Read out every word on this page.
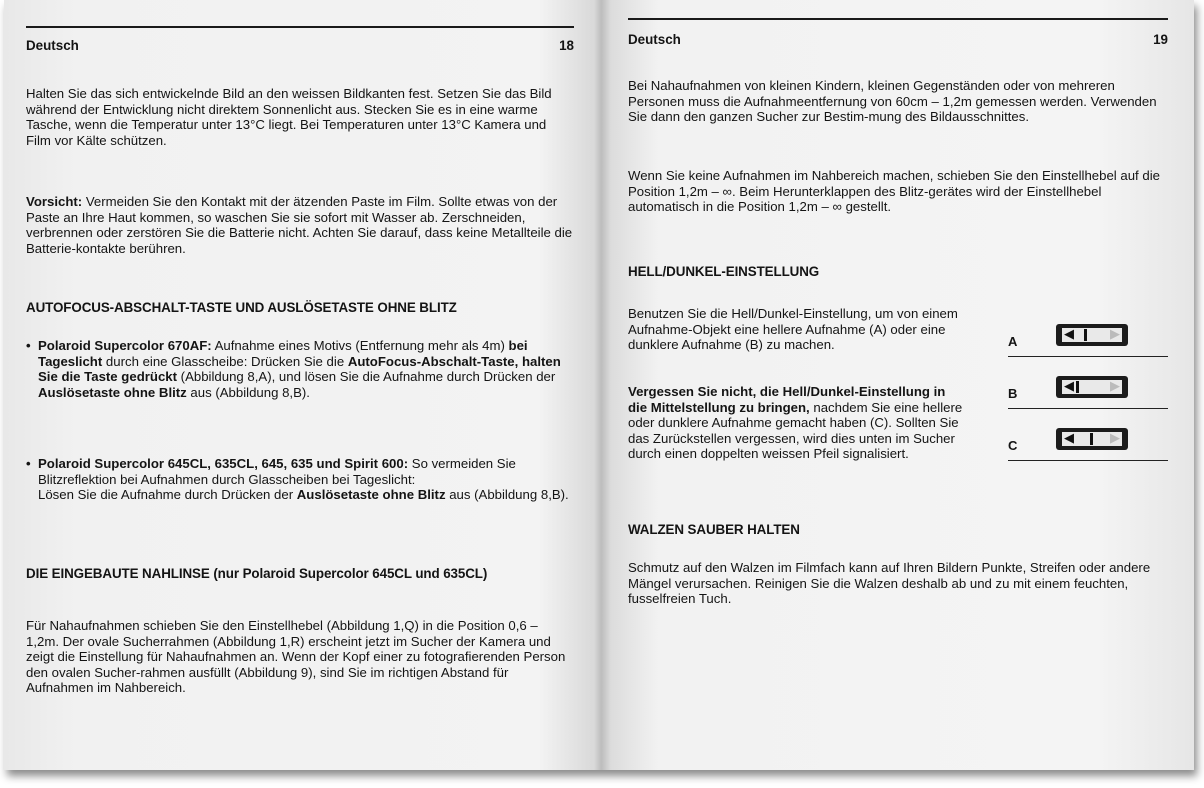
Deutsch	18

Halten Sie das sich entwickelnde Bild an den weissen Bildkanten fest. Setzen Sie das Bild während der Entwicklung nicht direktem Sonnenlicht aus. Stecken Sie es in eine warme Tasche, wenn die Temperatur unter 13°C liegt. Bei Temperaturen unter 13°C Kamera und Film vor Kälte schützen.

Vorsicht: Vermeiden Sie den Kontakt mit der ätzenden Paste im Film. Sollte etwas von der Paste an Ihre Haut kommen, so waschen Sie sie sofort mit Wasser ab. Zerschneiden, verbrennen oder zerstören Sie die Batterie nicht. Achten Sie darauf, dass keine Metallteile die Batterie-kontakte berühren.

AUTOFOCUS-ABSCHALT-TASTE UND AUSLÖSETASTE OHNE BLITZ
• Polaroid Supercolor 670AF: Aufnahme eines Motivs (Entfernung mehr als 4m) bei Tageslicht durch eine Glasscheibe: Drücken Sie die AutoFocus-Abschalt-Taste, halten Sie die Taste gedrückt (Abbildung 8,A), und lösen Sie die Aufnahme durch Drücken der Auslösetaste ohne Blitz aus (Abbildung 8,B).

• Polaroid Supercolor 645CL, 635CL, 645, 635 und Spirit 600: So vermeiden Sie Blitzreflektion bei Aufnahmen durch Glasscheiben bei Tageslicht:

Lösen Sie die Aufnahme durch Drücken der Auslösetaste ohne Blitz aus (Abbildung 8,B).

DIE EINGEBAUTE NAHLINSE (nur Polaroid Supercolor 645CL und 635CL)

Für Nahaufnahmen schieben Sie den Einstellhebel (Abbildung 1,Q) in die Position 0,6 – 1,2m. Der ovale Sucherrahmen (Abbildung 1,R) erscheint jetzt im Sucher der Kamera und zeigt die Einstellung für Nahaufnahmen an. Wenn der Kopf einer zu fotografierenden Person den ovalen Sucher-rahmen ausfüllt (Abbildung 9), sind Sie im richtigen Abstand für Aufnahmen im Nahbereich.

Deutsch	19

Bei Nahaufnahmen von kleinen Kindern, kleinen Gegenständen oder von mehreren Personen muss die Aufnahmeentfernung von 60cm – 1,2m gemessen werden. Verwenden Sie dann den ganzen Sucher zur Bestim-mung des Bildausschnittes.

Wenn Sie keine Aufnahmen im Nahbereich machen, schieben Sie den Einstellhebel auf die Position 1,2m – ∞. Beim Herunterklappen des Blitz-gerätes wird der Einstellhebel automatisch in die Position 1,2m – ∞ gestellt.

HELL/DUNKEL-EINSTELLUNG

Benutzen Sie die Hell/Dunkel-Einstellung, um von einem Aufnahme-Objekt eine hellere Aufnahme (A) oder eine dunklere Aufnahme (B) zu machen.

Vergessen Sie nicht, die Hell/Dunkel-Einstellung in die Mittelstellung zu bringen, nachdem Sie eine hellere oder dunklere Aufnahme gemacht haben (C). Sollten Sie das Zurückstellen vergessen, wird dies unten im Sucher durch einen doppelten weissen Pfeil signalisiert.

A
◀	▶
B
◀	▶
C
◀	▶
WALZEN SAUBER HALTEN

Schmutz auf den Walzen im Filmfach kann auf Ihren Bildern Punkte, Streifen oder andere Mängel verursachen. Reinigen Sie die Walzen deshalb ab und zu mit einem feuchten, fusselfreien Tuch.
